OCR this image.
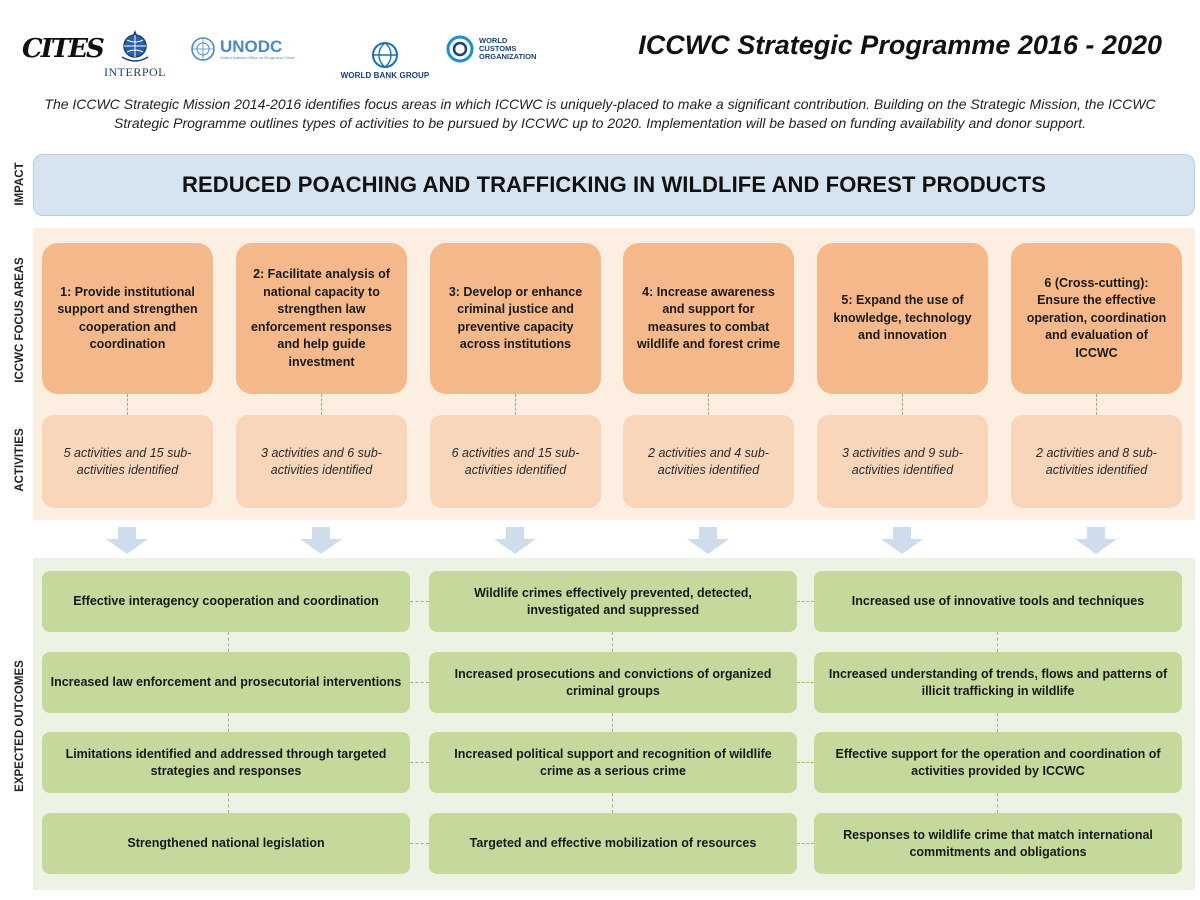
CITES
INTERPOL
UNODC
United Nations Office on Drugs and Crime
WORLD BANK GROUP
WORLD
CUSTOMS
ORGANIZATION	ICCWC Strategic Programme 2016 - 2020

The ICCWC Strategic Mission 2014-2016 identifies focus areas in which ICCWC is uniquely-placed to make a significant contribution. Building on the Strategic Mission, the ICCWC Strategic Programme outlines types of activities to be pursued by ICCWC up to 2020. Implementation will be based on funding availability and donor support.

IMPACT
ICCWC FOCUS AREAS
ACTIVITIES
EXPECTED OUTCOMES
REDUCED POACHING AND TRAFFICKING IN WILDLIFE AND FOREST PRODUCTS
1: Provide institutional support and strengthen cooperation and coordination
2: Facilitate analysis of national capacity to strengthen law enforcement responses and help guide investment
3: Develop or enhance criminal justice and preventive capacity across institutions
4: Increase awareness and support for measures to combat wildlife and forest crime
5: Expand the use of knowledge, technology and innovation
6 (Cross-cutting): Ensure the effective operation, coordination and evaluation of ICCWC
5 activities and 15 sub-activities identified
3 activities and 6 sub-activities identified
6 activities and 15 sub-activities identified
2 activities and 4 sub-activities identified
3 activities and 9 sub-activities identified
2 activities and 8 sub-activities identified
Effective interagency cooperation and coordination
Increased law enforcement and prosecutorial interventions
Limitations identified and addressed through targeted strategies and responses
Strengthened national legislation
Wildlife crimes effectively prevented, detected, investigated and suppressed
Increased prosecutions and convictions of organized criminal groups
Increased political support and recognition of wildlife crime as a serious crime
Targeted and effective mobilization of resources
Increased use of innovative tools and techniques
Increased understanding of trends, flows and patterns of illicit trafficking in wildlife
Effective support for the operation and coordination of activities provided by ICCWC
Responses to wildlife crime that match international commitments and obligations
